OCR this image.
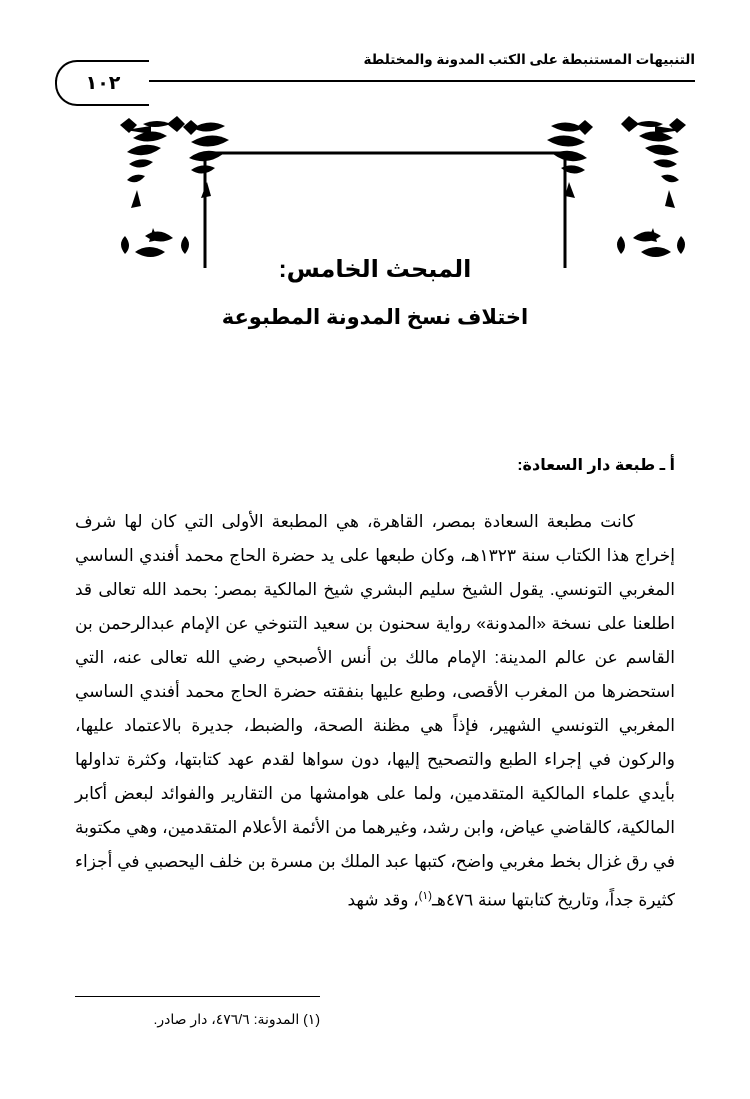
التنبيهات المستنبطة على الكتب المدونة والمختلطة
١٠٢
المبحث الخامس:
اختلاف نسخ المدونة المطبوعة
أ ـ طبعة دار السعادة:

كانت مطبعة السعادة بمصر، القاهرة، هي المطبعة الأولى التي كان لها شرف إخراج هذا الكتاب سنة ١٣٢٣هـ، وكان طبعها على يد حضرة الحاج محمد أفندي الساسي المغربي التونسي. يقول الشيخ سليم البشري شيخ المالكية بمصر: بحمد الله تعالى قد اطلعنا على نسخة «المدونة» رواية سحنون بن سعيد التنوخي عن الإمام عبدالرحمن بن القاسم عن عالم المدينة: الإمام مالك بن أنس الأصبحي رضي الله تعالى عنه، التي استحضرها من المغرب الأقصى، وطبع عليها بنفقته حضرة الحاج محمد أفندي الساسي المغربي التونسي الشهير، فإذاً هي مظنة الصحة، والضبط، جديرة بالاعتماد عليها، والركون في إجراء الطبع والتصحيح إليها، دون سواها لقدم عهد كتابتها، وكثرة تداولها بأيدي علماء المالكية المتقدمين، ولما على هوامشها من التقارير والفوائد لبعض أكابر المالكية، كالقاضي عياض، وابن رشد، وغيرهما من الأئمة الأعلام المتقدمين، وهي مكتوبة في رق غزال بخط مغربي واضح، كتبها عبد الملك بن مسرة بن خلف اليحصبي في أجزاء كثيرة جداً، وتاريخ كتابتها سنة ٤٧٦هـ$^{(١)}$، وقد شهد

(١) المدونة: ٤٧٦/٦، دار صادر.
